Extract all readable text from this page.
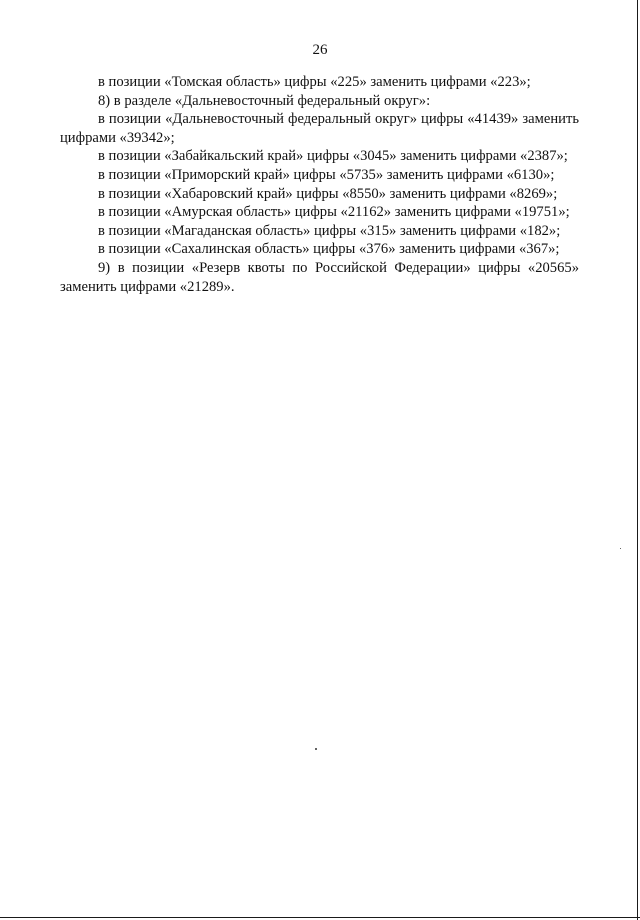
26
в позиции «Томская область» цифры «225» заменить цифрами «223»;
8) в разделе «Дальневосточный федеральный округ»:
в позиции «Дальневосточный федеральный округ» цифры «41439» заменить
цифрами «39342»;
в позиции «Забайкальский край» цифры «3045» заменить цифрами «2387»;
в позиции «Приморский край» цифры «5735» заменить цифрами «6130»;
в позиции «Хабаровский край» цифры «8550» заменить цифрами «8269»;
в позиции «Амурская область» цифры «21162» заменить цифрами «19751»;
в позиции «Магаданская область» цифры «315» заменить цифрами «182»;
в позиции «Сахалинская область» цифры «376» заменить цифрами «367»;
9) в позиции «Резерв квоты по Российской Федерации» цифры «20565»
заменить цифрами «21289».
